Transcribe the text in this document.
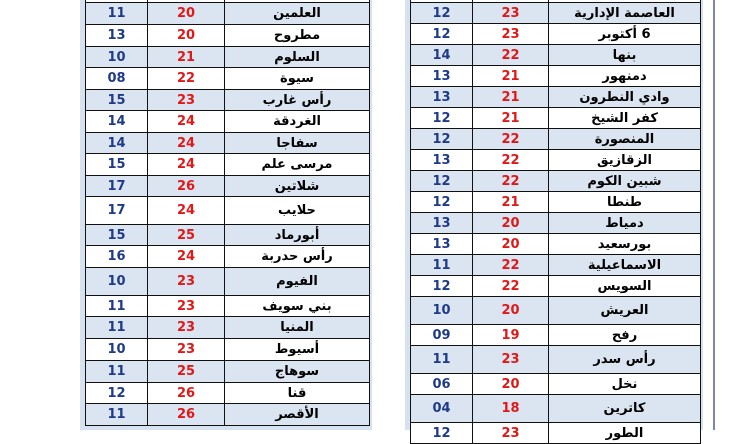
11	20	العلمين
13	20	مطروح
10	21	السلوم
08	22	سيوة
15	23	رأس غارب
14	24	الغردقة
14	24	سفاجا
15	24	مرسى علم
17	26	شلاتين
17	24	حلايب
15	25	أبورماد
16	24	رأس حدربة
10	23	الفيوم
11	23	بني سويف
11	23	المنيا
10	23	أسيوط
11	25	سوهاج
12	26	قنا
11	26	الأقصر

12	23	العاصمة الإدارية
12	23	6 أكتوبر
14	22	بنها
13	21	دمنهور
13	21	وادي النطرون
12	21	كفر الشيخ
12	22	المنصورة
13	22	الزقازيق
12	22	شبين الكوم
12	21	طنطا
13	20	دمياط
13	20	بورسعيد
11	22	الاسماعيلية
12	22	السويس
10	20	العريش
09	19	رفح
11	23	رأس سدر
06	20	نخل
04	18	كاترين
12	23	الطور
